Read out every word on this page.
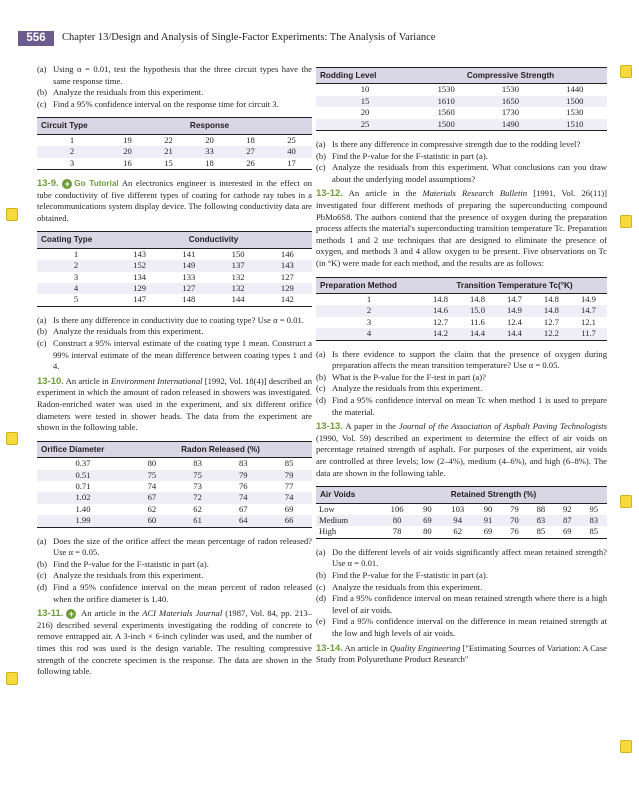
556	Chapter 13/Design and Analysis of Single-Factor Experiments: The Analysis of Variance
(a) Using α = 0.01, test the hypothesis that the three circuit types have the same response time.
(b) Analyze the residuals from this experiment.
(c) Find a 95% confidence interval on the response time for circuit 3.
Circuit Type	Response				
1	19	22	20	18	25
2	20	21	33	27	40
3	16	15	18	26	17

13-9. + Go Tutorial An electronics engineer is interested in the effect on tube conductivity of five different types of coating for cathode ray tubes in a telecommunications system display device. The following conductivity data are obtained.

Coating Type	Conductivity			
1	143	141	150	146
2	152	149	137	143
3	134	133	132	127
4	129	127	132	129
5	147	148	144	142
(a) Is there any difference in conductivity due to coating type? Use α = 0.01.
(b) Analyze the residuals from this experiment.
(c) Construct a 95% interval estimate of the coating type 1 mean. Construct a 99% interval estimate of the mean difference between coating types 1 and 4.

13-10. An article in Environment International [1992, Vol. 18(4)] described an experiment in which the amount of radon released in showers was investigated. Radon-enriched water was used in the experiment, and six different orifice diameters were tested in shower heads. The data from the experiment are shown in the following table.

Orifice Diameter	Radon Released (%)			
0.37	80	83	83	85
0.51	75	75	79	79
0.71	74	73	76	77
1.02	67	72	74	74
1.40	62	62	67	69
1.99	60	61	64	66
(a) Does the size of the orifice affect the mean percentage of radon released? Use α = 0.05.
(b) Find the P-value for the F-statistic in part (a).
(c) Analyze the residuals from this experiment.
(d) Find a 95% confidence interval on the mean percent of radon released when the orifice diameter is 1.40.

13-11. + An article in the ACI Materials Journal (1987, Vol. 84, pp. 213–216) described several experiments investigating the rodding of concrete to remove entrapped air. A 3-inch × 6-inch cylinder was used, and the number of times this rod was used is the design variable. The resulting compressive strength of the concrete specimen is the response. The data are shown in the following table.

Rodding Level	Compressive Strength		
10	1530	1530	1440
15	1610	1650	1500
20	1560	1730	1530
25	1500	1490	1510
(a) Is there any difference in compressive strength due to the rodding level?
(b) Find the P-value for the F-statistic in part (a).
(c) Analyze the residuals from this experiment. What conclusions can you draw about the underlying model assumptions?

13-12. An article in the Materials Research Bulletin [1991, Vol. 26(11)] investigated four different methods of preparing the superconducting compound PbMo6S8. The authors contend that the presence of oxygen during the preparation process affects the material's superconducting transition temperature Tc. Preparation methods 1 and 2 use techniques that are designed to eliminate the presence of oxygen, and methods 3 and 4 allow oxygen to be present. Five observations on Tc (in °K) were made for each method, and the results are as follows:

Preparation Method	Transition Temperature Tc(°K)				
1	14.8	14.8	14.7	14.8	14.9
2	14.6	15.0	14.9	14.8	14.7
3	12.7	11.6	12.4	12.7	12.1
4	14.2	14.4	14.4	12.2	11.7
(a) Is there evidence to support the claim that the presence of oxygen during preparation affects the mean transition temperature? Use α = 0.05.
(b) What is the P-value for the F-test in part (a)?
(c) Analyze the residuals from this experiment.
(d) Find a 95% confidence interval on mean Tc when method 1 is used to prepare the material.

13-13. A paper in the Journal of the Association of Asphalt Paving Technologists (1990, Vol. 59) described an experiment to determine the effect of air voids on percentage retained strength of asphalt. For purposes of the experiment, air voids are controlled at three levels; low (2–4%), medium (4–6%), and high (6–8%). The data are shown in the following table.

Air Voids	Retained Strength (%)							
Low	106	90	103	90	79	88	92	95
Medium	80	69	94	91	70	83	87	83
High	78	80	62	69	76	85	69	85
(a) Do the different levels of air voids significantly affect mean retained strength? Use α = 0.01.
(b) Find the P-value for the F-statistic in part (a).
(c) Analyze the residuals from this experiment.
(d) Find a 95% confidence interval on mean retained strength where there is a high level of air voids.
(e) Find a 95% confidence interval on the difference in mean retained strength at the low and high levels of air voids.

13-14. An article in Quality Engineering ["Estimating Sources of Variation: A Case Study from Polyurethane Product Research"
